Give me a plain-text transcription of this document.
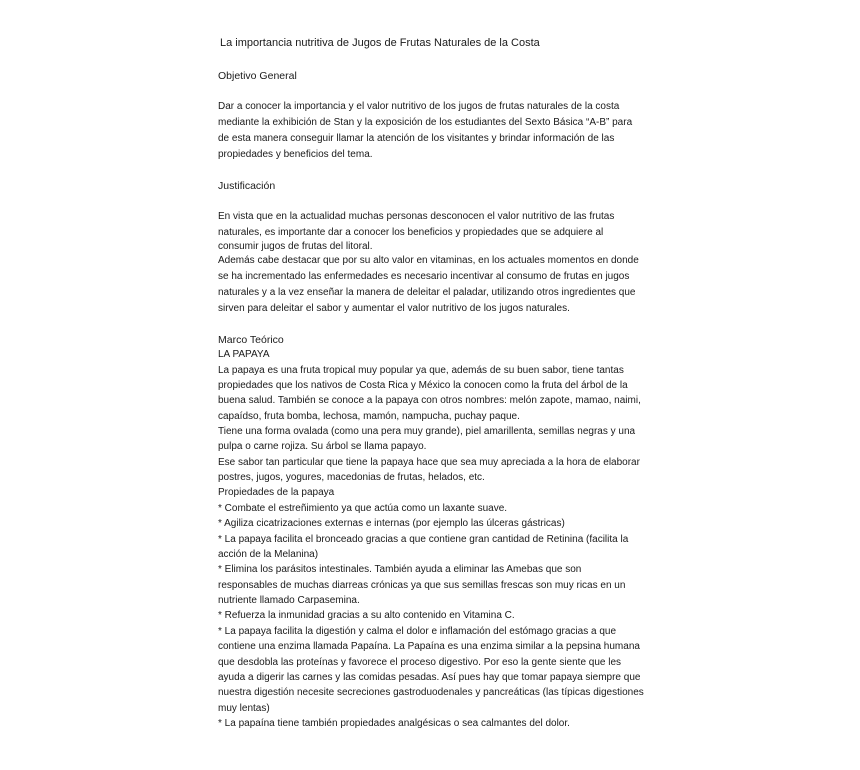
La importancia nutritiva de Jugos de Frutas Naturales de la Costa
Objetivo General
Dar a conocer la importancia y el valor nutritivo de los jugos de frutas naturales de la costa
mediante la exhibición de Stan y la exposición de los estudiantes del Sexto Básica “A-B” para
de esta manera conseguir llamar la atención de los visitantes y brindar información de las
propiedades y beneficios del tema.
Justificación
En vista que en la actualidad muchas personas desconocen el valor nutritivo de las frutas
naturales, es importante dar a conocer los beneficios y propiedades que se adquiere al
consumir jugos de frutas del litoral.
Además cabe destacar que por su alto valor en vitaminas, en los actuales momentos en donde
se ha incrementado las enfermedades es necesario incentivar al consumo de frutas en jugos
naturales y a la vez enseñar la manera de deleitar el paladar, utilizando otros ingredientes que
sirven para deleitar el sabor y aumentar el valor nutritivo de los jugos naturales.
Marco Teórico
LA PAPAYA
La papaya es una fruta tropical muy popular ya que, además de su buen sabor, tiene tantas
propiedades que los nativos de Costa Rica y México la conocen como la fruta del árbol de la
buena salud. También se conoce a la papaya con otros nombres: melón zapote, mamao, naimi,
capaídso, fruta bomba, lechosa, mamón, nampucha, puchay paque.
Tiene una forma ovalada (como una pera muy grande), piel amarillenta, semillas negras y una
pulpa o carne rojiza. Su árbol se llama papayo.
Ese sabor tan particular que tiene la papaya hace que sea muy apreciada a la hora de elaborar
postres, jugos, yogures, macedonias de frutas, helados, etc.
Propiedades de la papaya
* Combate el estreñimiento ya que actúa como un laxante suave.
* Agiliza cicatrizaciones externas e internas (por ejemplo las úlceras gástricas)
* La papaya facilita el bronceado gracias a que contiene gran cantidad de Retinina (facilita la
acción de la Melanina)
* Elimina los parásitos intestinales. También ayuda a eliminar las Amebas que son
responsables de muchas diarreas crónicas ya que sus semillas frescas son muy ricas en un
nutriente llamado Carpasemina.
* Refuerza la inmunidad gracias a su alto contenido en Vitamina C.
* La papaya facilita la digestión y calma el dolor e inflamación del estómago gracias a que
contiene una enzima llamada Papaína. La Papaína es una enzima similar a la pepsina humana
que desdobla las proteínas y favorece el proceso digestivo. Por eso la gente siente que les
ayuda a digerir las carnes y las comidas pesadas. Así pues hay que tomar papaya siempre que
nuestra digestión necesite secreciones gastroduodenales y pancreáticas (las típicas digestiones
muy lentas)
* La papaína tiene también propiedades analgésicas o sea calmantes del dolor.
